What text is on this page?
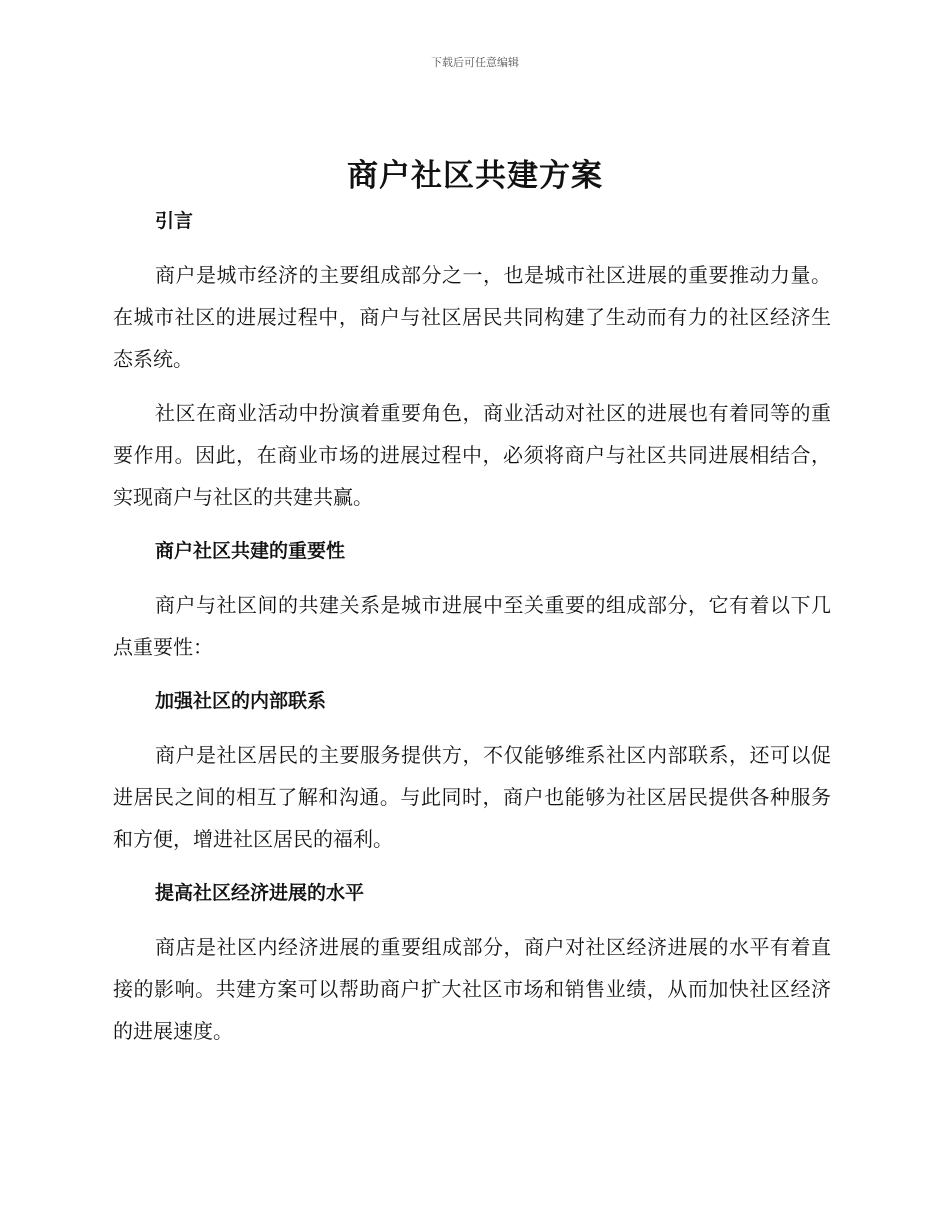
下载后可任意编辑
商户社区共建方案
引言

商户是城市经济的主要组成部分之一，也是城市社区进展的重要推动力量。在城市社区的进展过程中，商户与社区居民共同构建了生动而有力的社区经济生态系统。

社区在商业活动中扮演着重要角色，商业活动对社区的进展也有着同等的重要作用。因此，在商业市场的进展过程中，必须将商户与社区共同进展相结合，实现商户与社区的共建共赢。

商户社区共建的重要性

商户与社区间的共建关系是城市进展中至关重要的组成部分，它有着以下几点重要性：

加强社区的内部联系

商户是社区居民的主要服务提供方，不仅能够维系社区内部联系，还可以促进居民之间的相互了解和沟通。与此同时，商户也能够为社区居民提供各种服务和方便，增进社区居民的福利。

提高社区经济进展的水平

商店是社区内经济进展的重要组成部分，商户对社区经济进展的水平有着直接的影响。共建方案可以帮助商户扩大社区市场和销售业绩，从而加快社区经济的进展速度。
